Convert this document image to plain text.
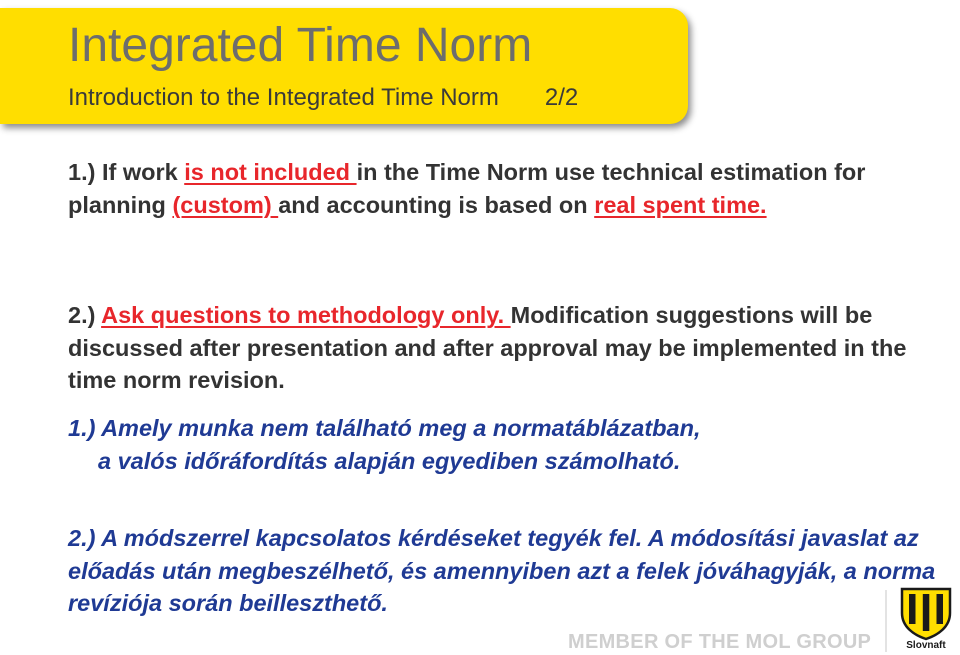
Integrated Time Norm
Introduction to the Integrated Time Norm 2/2

1.) If work is not included in the Time Norm use technical estimation for planning (custom) and accounting is based on real spent time.

2.) Ask questions to methodology only. Modification suggestions will be discussed after presentation and after approval may be implemented in the time norm revision.

1.) Amely munka nem található meg a normatáblázatban,
a valós időráfordítás alapján egyediben számolható.

2.) A módszerrel kapcsolatos kérdéseket tegyék fel. A módosítási javaslat az előadás után megbeszélhető, és amennyiben azt a felek jóváhagyják, a norma revíziója során beilleszthető.

MEMBER OF THE MOL GROUP	Slovnaft
